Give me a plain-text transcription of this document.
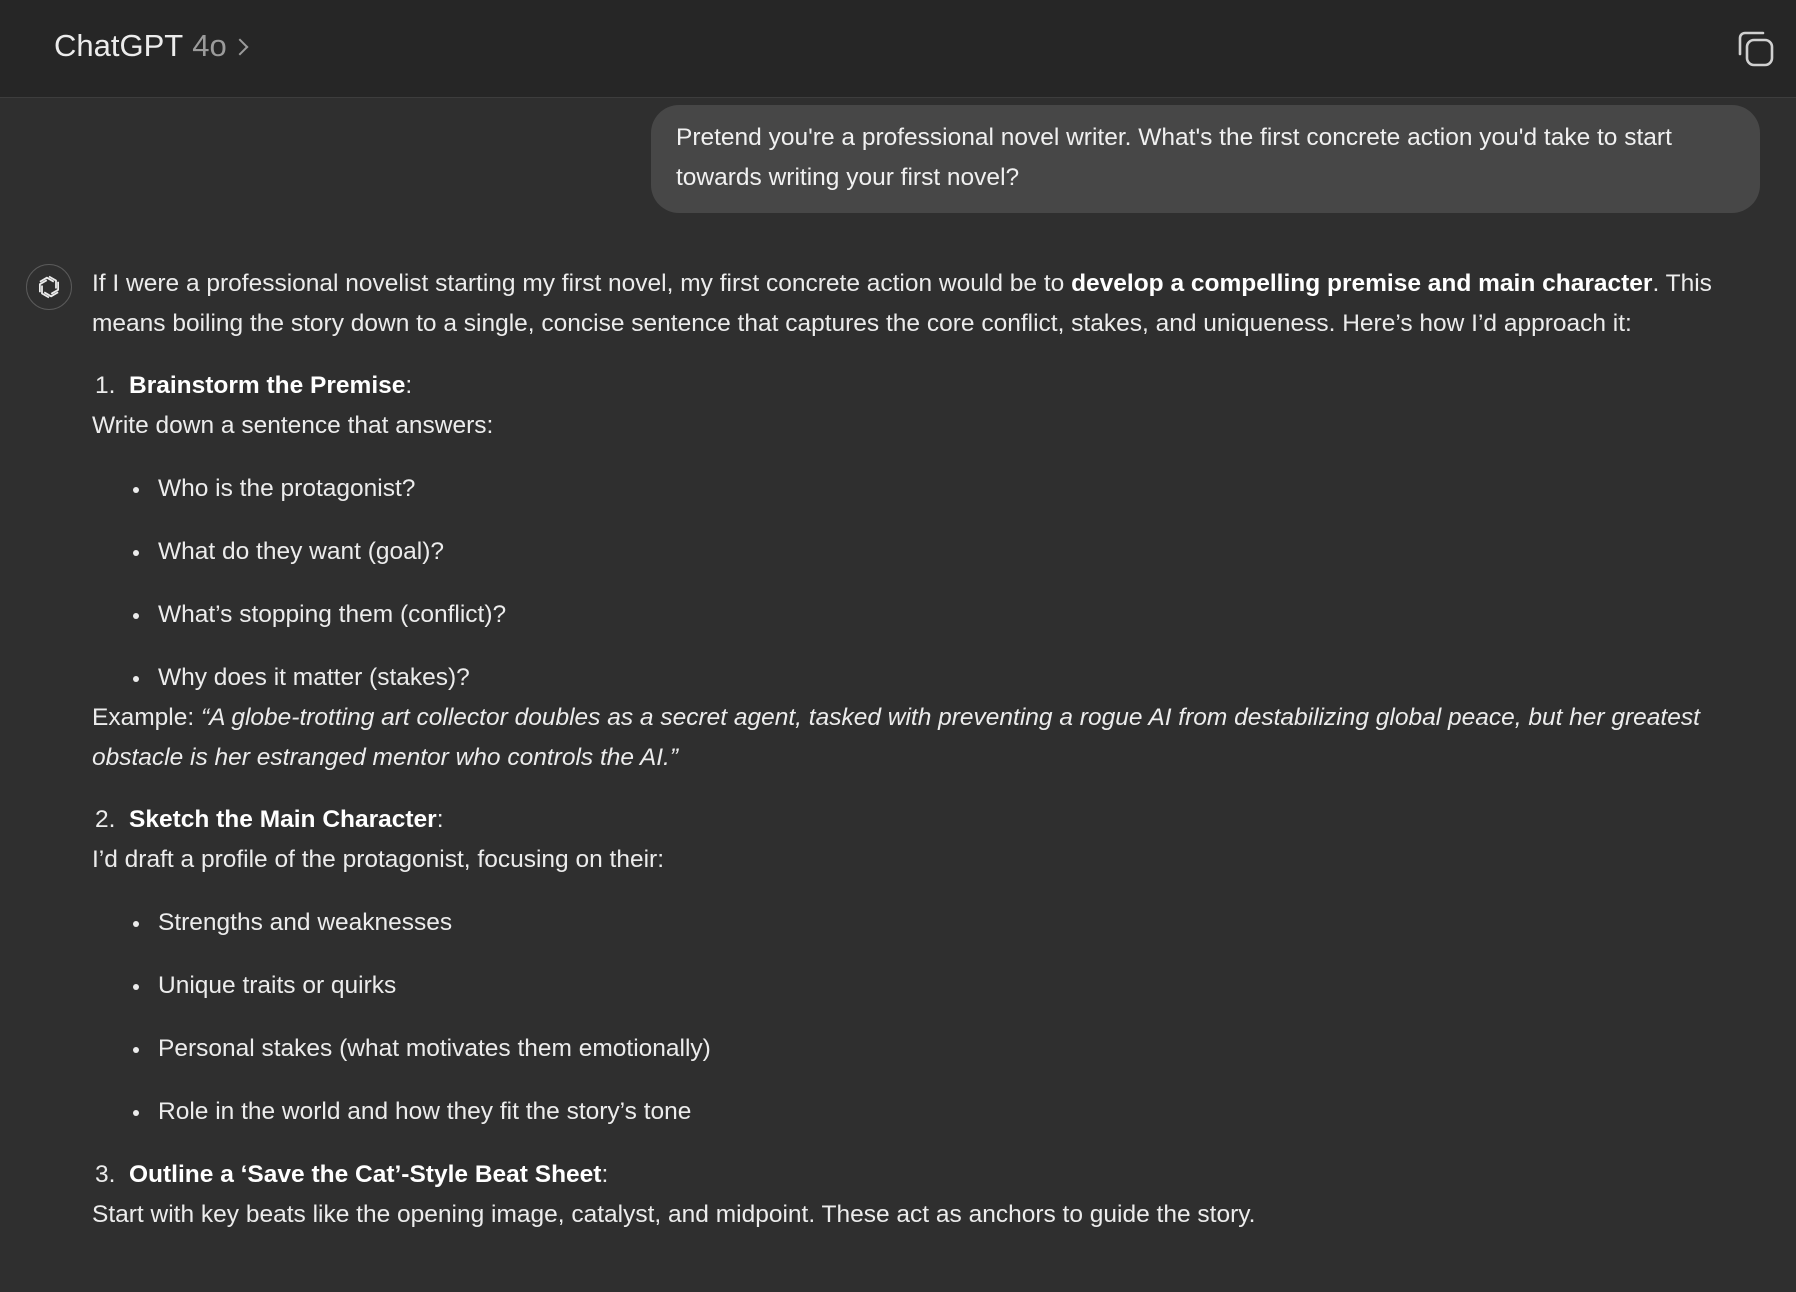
ChatGPT 4o
Pretend you're a professional novel writer. What's the first concrete action you'd take to start towards writing your first novel?

If I were a professional novelist starting my first novel, my first concrete action would be to develop a compelling premise and main character. This means boiling the story down to a single, concise sentence that captures the core conflict, stakes, and uniqueness. Here’s how I’d approach it:

1. Brainstorm the Premise:

Write down a sentence that answers:

Who is the protagonist?
What do they want (goal)?
What’s stopping them (conflict)?
Why does it matter (stakes)?

Example: “A globe-trotting art collector doubles as a secret agent, tasked with preventing a rogue AI from destabilizing global peace, but her greatest obstacle is her estranged mentor who controls the AI.”

2. Sketch the Main Character:

I’d draft a profile of the protagonist, focusing on their:

Strengths and weaknesses
Unique traits or quirks
Personal stakes (what motivates them emotionally)
Role in the world and how they fit the story’s tone
3. Outline a ‘Save the Cat’-Style Beat Sheet:

Start with key beats like the opening image, catalyst, and midpoint. These act as anchors to guide the story.
